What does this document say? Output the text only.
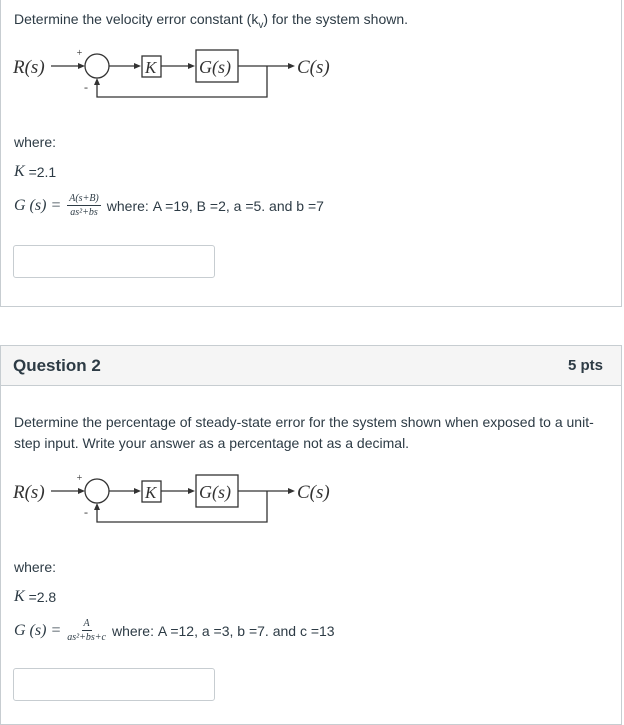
Determine the velocity error constant $(k_v)$ for the system shown.
R(s)
+
-
K G(s)	C(s)
where:
K
=2.1
G $(s) = \frac{A(s+B)}{\text{as²+bs}}$ where:
A =19, B =2, a =5. and b =7
Question 2	5 pts
Determine the percentage of steady-state error for the system shown when exposed to a unit-step input. Write your answer as a percentage not as a decimal.
R(s)
+
-
K G(s)	C(s)
where:
K
=2.8
G $(s) = \frac{A}{\text{as²+bs+c}}$ where:
A =12, a =3, b =7. and c =13
